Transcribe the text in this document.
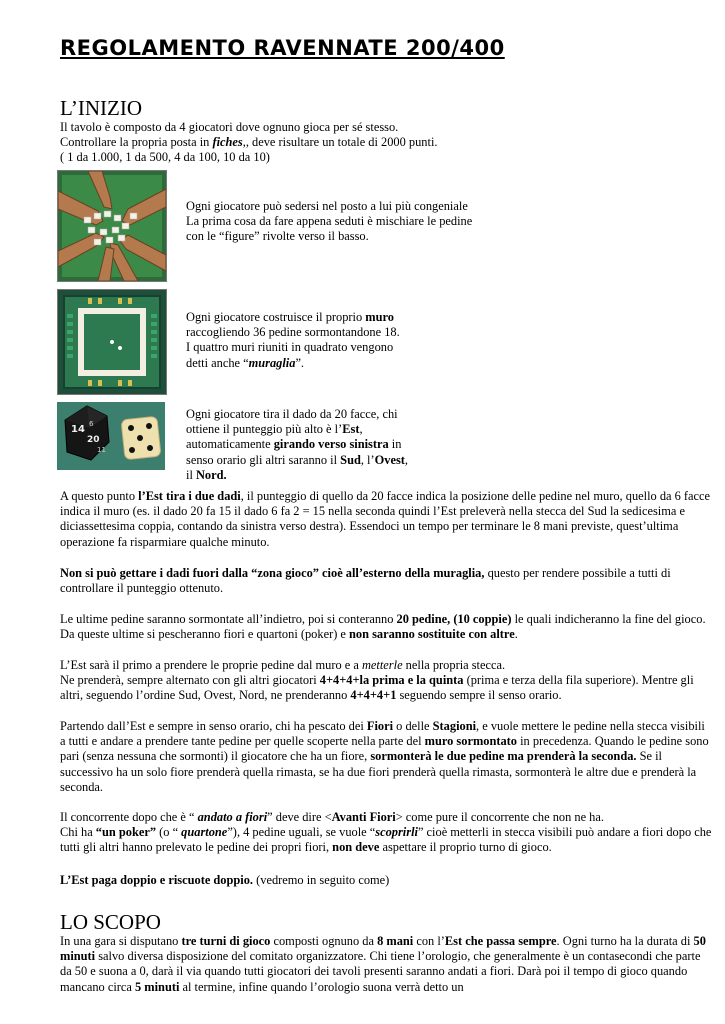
REGOLAMENTO RAVENNATE 200/400
L’INIZIO

Il tavolo è composto da 4 giocatori dove ognuno gioca per sé stesso.
Controllare la propria posta in fiches,, deve risultare un totale di 2000 punti.
( 1 da 1.000, 1 da 500, 4 da 100, 10 da 10)

Ogni giocatore può sedersi nel posto a lui più congeniale
La prima cosa da fare appena seduti è mischiare le pedine
con le “figure” rivolte verso il basso.
Ogni giocatore costruisce il proprio muro
raccogliendo 36 pedine sormontandone 18.
I quattro muri riuniti in quadrato vengono
detti anche “muraglia”.
14
20
6
11
Ogni giocatore tira il dado da 20 facce, chi
ottiene il punteggio più alto è l’Est,
automaticamente girando verso sinistra in
senso orario gli altri saranno il Sud, l’Ovest,
il Nord.

A questo punto l’Est tira i due dadi, il punteggio di quello da 20 facce indica la posizione delle pedine nel muro, quello da 6 facce indica il muro (es. il dado 20 fa 15 il dado 6 fa 2 = 15 nella seconda quindi l’Est preleverà nella stecca del Sud la sedicesima e diciassettesima coppia, contando da sinistra verso destra). Essendoci un tempo per terminare le 8 mani previste, quest’ultima operazione fa risparmiare qualche minuto.

Non si può gettare i dadi fuori dalla “zona gioco” cioè all’esterno della muraglia, questo per rendere possibile a tutti di controllare il punteggio ottenuto.

Le ultime pedine saranno sormontate all’indietro, poi si conteranno 20 pedine, (10 coppie) le quali indicheranno la fine del gioco. Da queste ultime si pescheranno fiori e quartoni (poker) e non saranno sostituite con altre.

L’Est sarà il primo a prendere le proprie pedine dal muro e a metterle nella propria stecca.
Ne prenderà, sempre alternato con gli altri giocatori 4+4+4+la prima e la quinta (prima e terza della fila superiore). Mentre gli altri, seguendo l’ordine Sud, Ovest, Nord, ne prenderanno 4+4+4+1 seguendo sempre il senso orario.

Partendo dall’Est e sempre in senso orario, chi ha pescato dei Fiori o delle Stagioni, e vuole mettere le pedine nella stecca visibili a tutti e andare a prendere tante pedine per quelle scoperte nella parte del muro sormontato in precedenza. Quando le pedine sono pari (senza nessuna che sormonti) il giocatore che ha un fiore, sormonterà le due pedine ma prenderà la seconda. Se il successivo ha un solo fiore prenderà quella rimasta, se ha due fiori prenderà quella rimasta, sormonterà le altre due e prenderà la seconda.

Il concorrente dopo che è “ andato a fiori” deve dire <Avanti Fiori> come pure il concorrente che non ne ha.
Chi ha “un poker” (o “ quartone”), 4 pedine uguali, se vuole “scoprirli” cioè metterli in stecca visibili può andare a fiori dopo che tutti gli altri hanno prelevato le pedine dei propri fiori, non deve aspettare il proprio turno di gioco.

L’Est paga doppio e riscuote doppio. (vedremo in seguito come)

LO SCOPO

In una gara si disputano tre turni di gioco composti ognuno da 8 mani con l’Est che passa sempre. Ogni turno ha la durata di 50 minuti salvo diversa disposizione del comitato organizzatore. Chi tiene l’orologio, che generalmente è un contasecondi che parte da 50 e suona a 0, darà il via quando tutti giocatori dei tavoli presenti saranno andati a fiori. Darà poi il tempo di gioco quando mancano circa 5 minuti al termine, infine quando l’orologio suona verrà detto un
